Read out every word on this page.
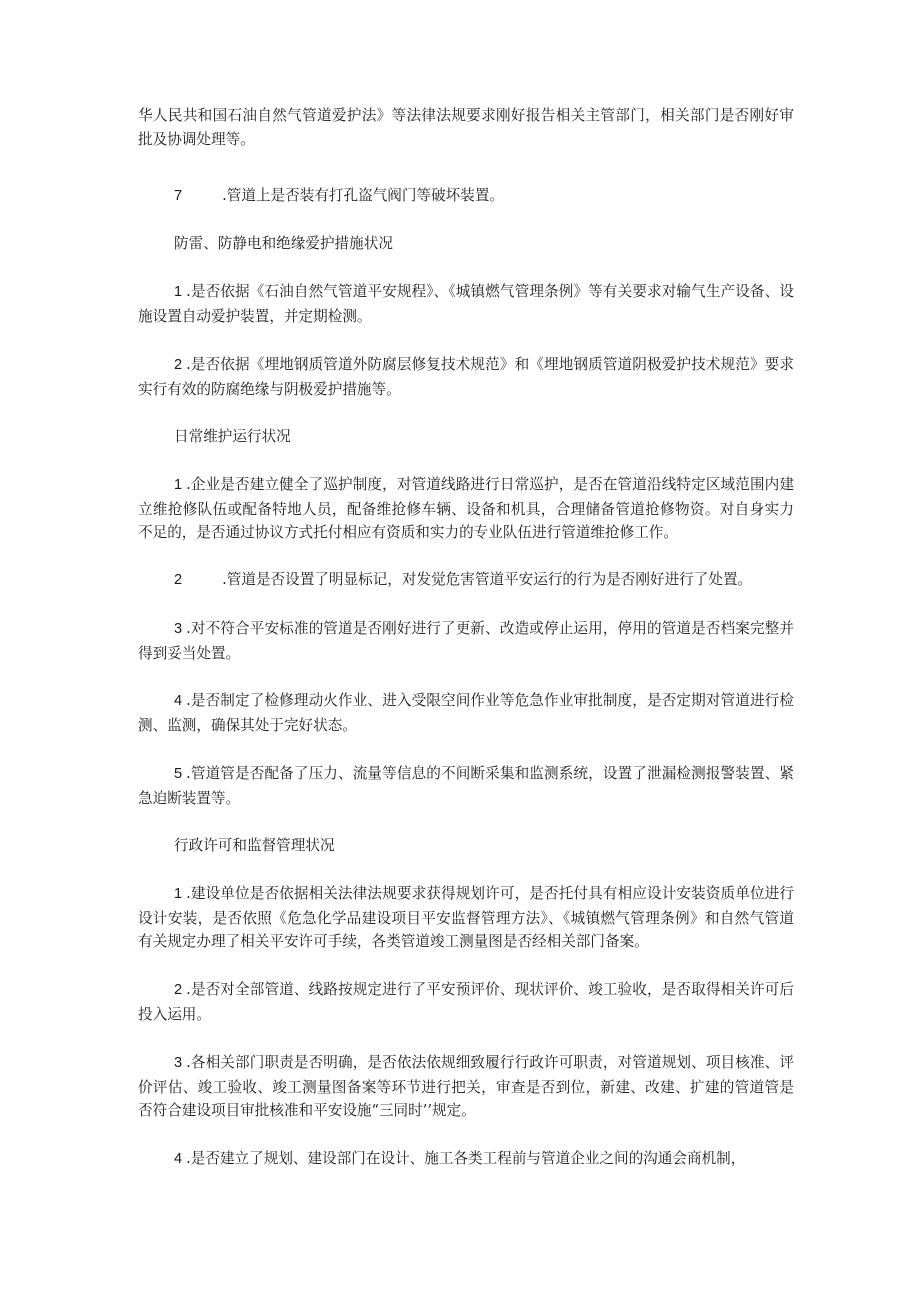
华人民共和国石油自然气管道爱护法》等法律法规要求刚好报告相关主管部门，相关部门是否刚好审批及协调处理等。

7	.管道上是否装有打孔盗气阀门等破坏装置。

防雷、防静电和绝缘爱护措施状况

1 .是否依据《石油自然气管道平安规程》、《城镇燃气管理条例》等有关要求对输气生产设备、设施设置自动爱护装置，并定期检测。

2 .是否依据《埋地钢质管道外防腐层修复技术规范》和《埋地钢质管道阴极爱护技术规范》要求实行有效的防腐绝缘与阴极爱护措施等。

日常维护运行状况

1 .企业是否建立健全了巡护制度，对管道线路进行日常巡护，是否在管道沿线特定区域范围内建立维抢修队伍或配备特地人员，配备维抢修车辆、设备和机具，合理储备管道抢修物资。对自身实力不足的，是否通过协议方式托付相应有资质和实力的专业队伍进行管道维抢修工作。

2	.管道是否设置了明显标记，对发觉危害管道平安运行的行为是否刚好进行了处置。

3 .对不符合平安标准的管道是否刚好进行了更新、改造或停止运用，停用的管道是否档案完整并得到妥当处置。

4 .是否制定了检修理动火作业、进入受限空间作业等危急作业审批制度，是否定期对管道进行检测、监测，确保其处于完好状态。

5 .管道管是否配备了压力、流量等信息的不间断采集和监测系统，设置了泄漏检测报警装置、紧急迫断装置等。

行政许可和监督管理状况

1 .建设单位是否依据相关法律法规要求获得规划许可，是否托付具有相应设计安装资质单位进行设计安装，是否依照《危急化学品建设项目平安监督管理方法》、《城镇燃气管理条例》和自然气管道有关规定办理了相关平安许可手续，各类管道竣工测量图是否经相关部门备案。

2 .是否对全部管道、线路按规定进行了平安预评价、现状评价、竣工验收，是否取得相关许可后投入运用。

3 .各相关部门职责是否明确，是否依法依规细致履行行政许可职责，对管道规划、项目核准、评价评估、竣工验收、竣工测量图备案等环节进行把关，审查是否到位，新建、改建、扩建的管道管是否符合建设项目审批核准和平安设施“三同时’’规定。

4 .是否建立了规划、建设部门在设计、施工各类工程前与管道企业之间的沟通会商机制，
